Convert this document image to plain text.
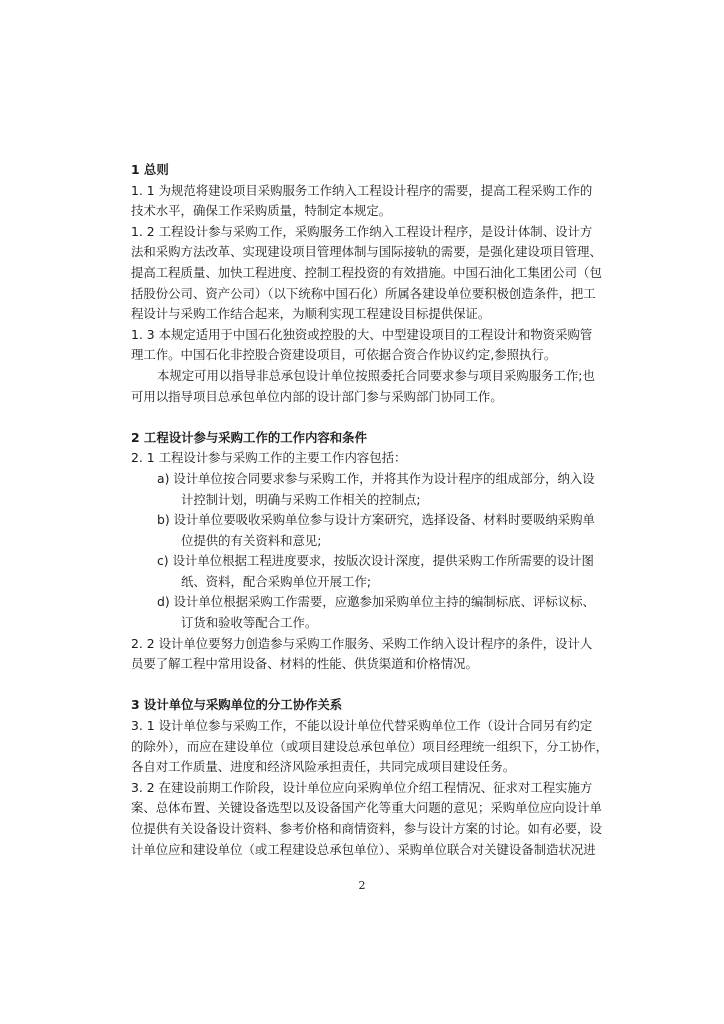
1 总则
1. 1 为规范将建设项目采购服务工作纳入工程设计程序的需要，提高工程采购工作的
技术水平，确保工作采购质量，特制定本规定。
1. 2 工程设计参与采购工作，采购服务工作纳入工程设计程序，是设计体制、设计方
法和采购方法改革、实现建设项目管理体制与国际接轨的需要，是强化建设项目管理、
提高工程质量、加快工程进度、控制工程投资的有效措施。中国石油化工集团公司（包
括股份公司、资产公司）（以下统称中国石化）所属各建设单位要积极创造条件，把工
程设计与采购工作结合起来，为顺利实现工程建设目标提供保证。
1. 3 本规定适用于中国石化独资或控股的大、中型建设项目的工程设计和物资采购管
理工作。中国石化非控股合资建设项目，可依据合资合作协议约定,参照执行。
本规定可用以指导非总承包设计单位按照委托合同要求参与项目采购服务工作;也
可用以指导项目总承包单位内部的设计部门参与采购部门协同工作。
2 工程设计参与采购工作的工作内容和条件
2. 1 工程设计参与采购工作的主要工作内容包括：
a) 设计单位按合同要求参与采购工作，并将其作为设计程序的组成部分，纳入设
计控制计划，明确与采购工作相关的控制点;
b) 设计单位要吸收采购单位参与设计方案研究，选择设备、材料时要吸纳采购单
位提供的有关资料和意见;
c) 设计单位根据工程进度要求，按版次设计深度，提供采购工作所需要的设计图
纸、资料，配合采购单位开展工作;
d) 设计单位根据采购工作需要，应邀参加采购单位主持的编制标底、评标议标、
订货和验收等配合工作。
2. 2 设计单位要努力创造参与采购工作服务、采购工作纳入设计程序的条件，设计人
员要了解工程中常用设备、材料的性能、供货渠道和价格情况。
3 设计单位与采购单位的分工协作关系
3. 1 设计单位参与采购工作，不能以设计单位代替采购单位工作（设计合同另有约定
的除外），而应在建设单位（或项目建设总承包单位）项目经理统一组织下，分工协作，
各自对工作质量、进度和经济风险承担责任，共同完成项目建设任务。
3. 2 在建设前期工作阶段，设计单位应向采购单位介绍工程情况、征求对工程实施方
案、总体布置、关键设备选型以及设备国产化等重大问题的意见；采购单位应向设计单
位提供有关设备设计资料、参考价格和商情资料，参与设计方案的讨论。如有必要，设
计单位应和建设单位（或工程建设总承包单位）、采购单位联合对关键设备制造状况进
2
